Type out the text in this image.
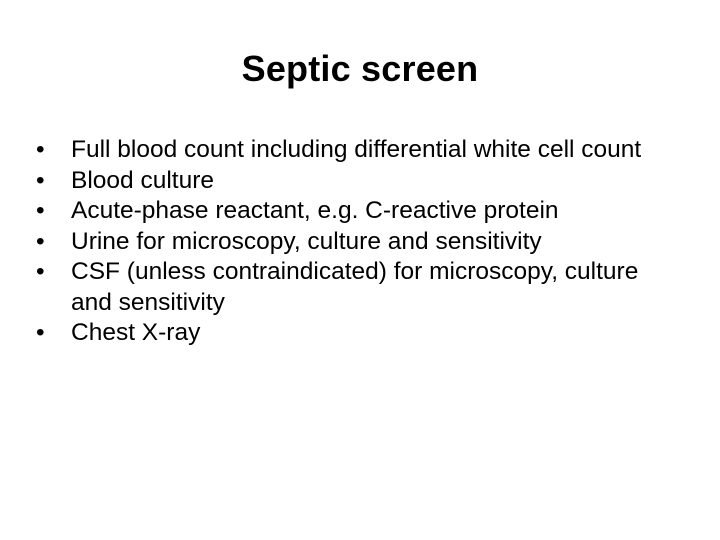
Septic screen
•	Full blood count including differential white cell count
•	Blood culture
•	Acute-phase reactant, e.g. C-reactive protein
•	Urine for microscopy, culture and sensitivity
•	CSF (unless contraindicated) for microscopy, culture and sensitivity
•	Chest X-ray
